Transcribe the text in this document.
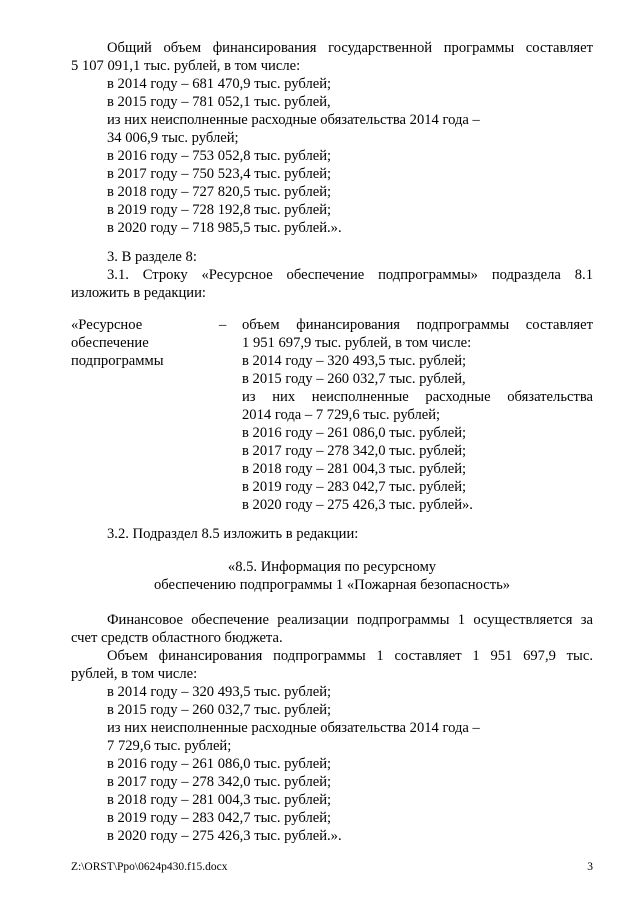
Общий объем финансирования государственной программы составляет
5 107 091,1 тыс. рублей, в том числе:
в 2014 году – 681 470,9 тыс. рублей;
в 2015 году – 781 052,1 тыс. рублей,
из них неисполненные расходные обязательства 2014 года –
34 006,9 тыс. рублей;
в 2016 году – 753 052,8 тыс. рублей;
в 2017 году – 750 523,4 тыс. рублей;
в 2018 году – 727 820,5 тыс. рублей;
в 2019 году – 728 192,8 тыс. рублей;
в 2020 году – 718 985,5 тыс. рублей.».
3. В разделе 8:
3.1. Строку «Ресурсное обеспечение подпрограммы» подраздела 8.1
изложить в редакции:
«Ресурсное
обеспечение
подпрограммы
– объем финансирования подпрограммы составляет
1 951 697,9 тыс. рублей, в том числе:
в 2014 году – 320 493,5 тыс. рублей;
в 2015 году – 260 032,7 тыс. рублей,
из них неисполненные расходные обязательства
2014 года – 7 729,6 тыс. рублей;
в 2016 году – 261 086,0 тыс. рублей;
в 2017 году – 278 342,0 тыс. рублей;
в 2018 году – 281 004,3 тыс. рублей;
в 2019 году – 283 042,7 тыс. рублей;
в 2020 году – 275 426,3 тыс. рублей».
3.2. Подраздел 8.5 изложить в редакции:
«8.5. Информация по ресурсному
обеспечению подпрограммы 1 «Пожарная безопасность»
Финансовое обеспечение реализации подпрограммы 1 осуществляется за
счет средств областного бюджета.
Объем финансирования подпрограммы 1 составляет 1 951 697,9 тыс.
рублей, в том числе:
в 2014 году – 320 493,5 тыс. рублей;
в 2015 году – 260 032,7 тыс. рублей;
из них неисполненные расходные обязательства 2014 года –
7 729,6 тыс. рублей;
в 2016 году – 261 086,0 тыс. рублей;
в 2017 году – 278 342,0 тыс. рублей;
в 2018 году – 281 004,3 тыс. рублей;
в 2019 году – 283 042,7 тыс. рублей;
в 2020 году – 275 426,3 тыс. рублей.».
Z:\ORST\Ppo\0624p430.f15.docx	3
